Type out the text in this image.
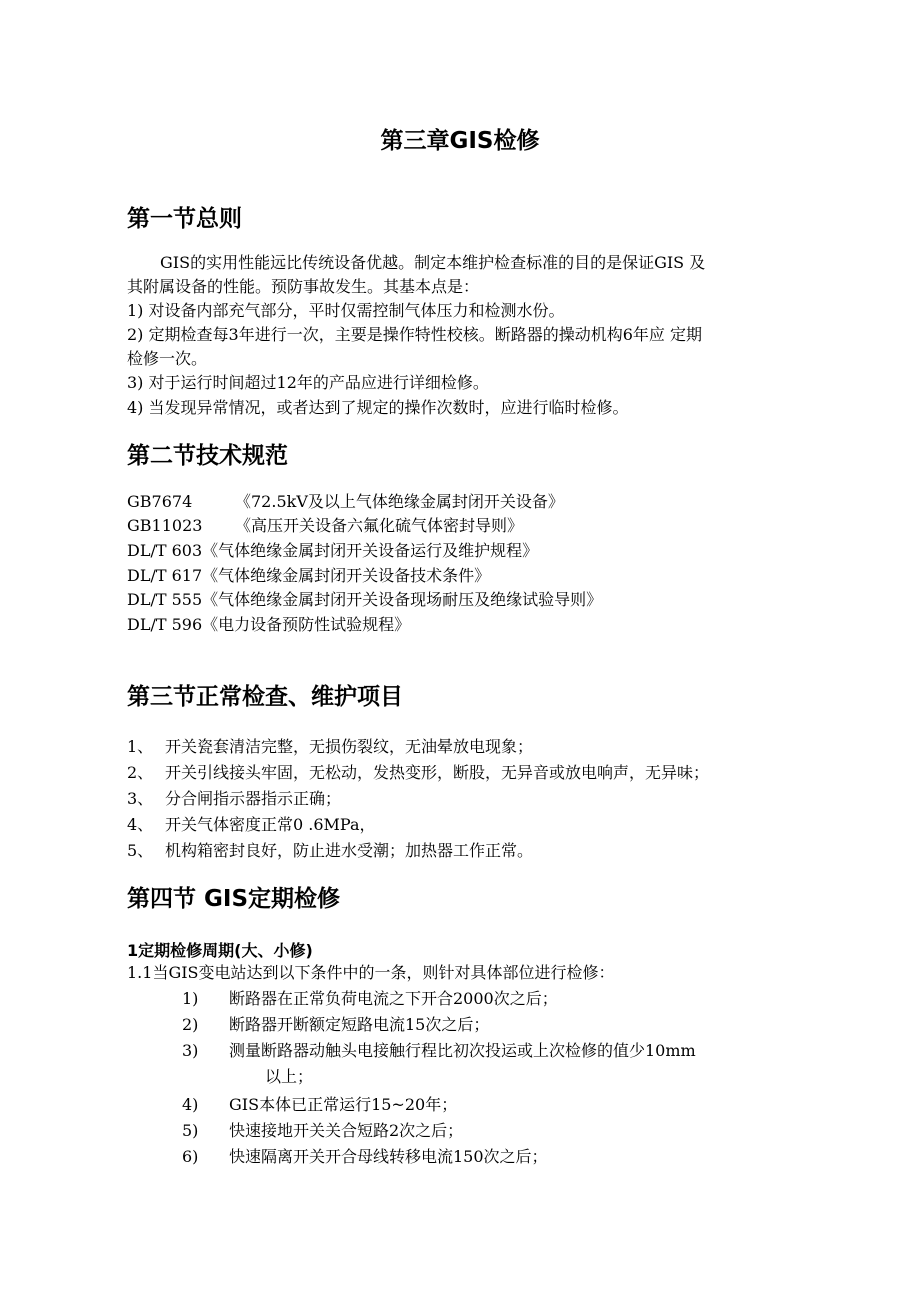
第三章GIS检修
第一节总则
GIS的实用性能远比传统设备优越。制定本维护检查标准的目的是保证GIS 及
其附属设备的性能。预防事故发生。其基本点是：
1) 对设备内部充气部分，平时仅需控制气体压力和检测水份。
2) 定期检查每3年进行一次，主要是操作特性校核。断路器的操动机构6年应 定期
检修一次。
3) 对于运行时间超过12年的产品应进行详细检修。
4) 当发现异常情况，或者达到了规定的操作次数时，应进行临时检修。
第二节技术规范
GB7674	《72.5kV及以上气体绝缘金属封闭开关设备》
GB11023 《高压开关设备六氟化硫气体密封导则》
DL/T 603《气体绝缘金属封闭开关设备运行及维护规程》
DL/T 617《气体绝缘金属封闭开关设备技术条件》
DL/T 555《气体绝缘金属封闭开关设备现场耐压及绝缘试验导则》
DL/T 596《电力设备预防性试验规程》
第三节正常检查、维护项目
1、 开关瓷套清洁完整，无损伤裂纹，无油晕放电现象；
2、 开关引线接头牢固，无松动，发热变形，断股，无异音或放电响声，无异味；
3、 分合闸指示器指示正确；
4、 开关气体密度正常0 .6MPa，
5、 机构箱密封良好，防止进水受潮；加热器工作正常。
第四节 GIS定期检修
1定期检修周期(大、小修)
1.1当GIS变电站达到以下条件中的一条，则针对具体部位进行检修：
1) 断路器在正常负荷电流之下开合2000次之后；
2) 断路器开断额定短路电流15次之后；
3) 测量断路器动触头电接触行程比初次投运或上次检修的值少10mm
以上；
4) GIS本体已正常运行15~20年；
5) 快速接地开关关合短路2次之后；
6) 快速隔离开关开合母线转移电流150次之后；
